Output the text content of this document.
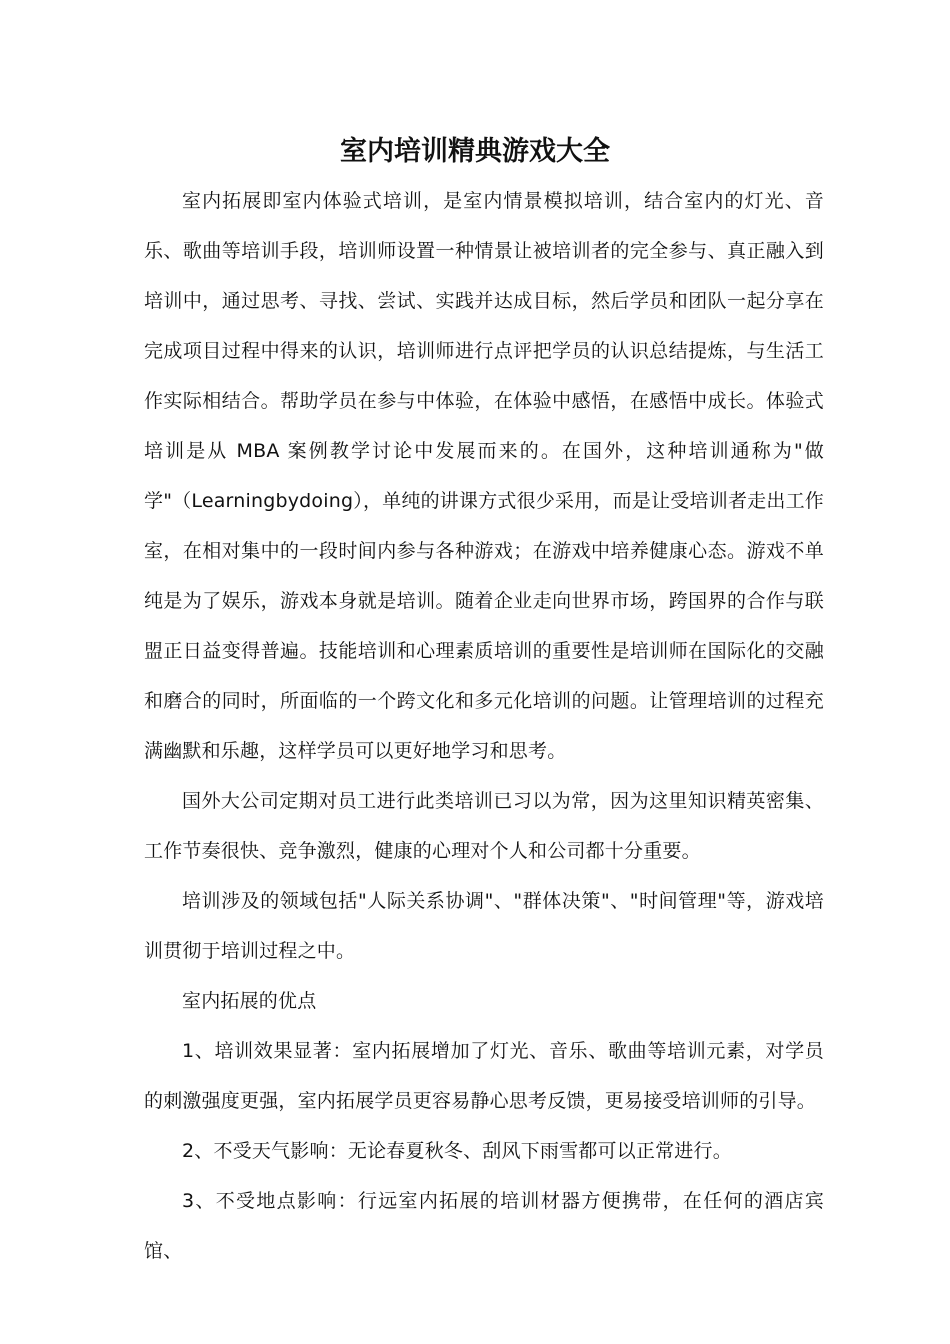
室内培训精典游戏大全

室内拓展即室内体验式培训，是室内情景模拟培训，结合室内的灯光、音乐、歌曲等培训手段，培训师设置一种情景让被培训者的完全参与、真正融入到培训中，通过思考、寻找、尝试、实践并达成目标，然后学员和团队一起分享在完成项目过程中得来的认识，培训师进行点评把学员的认识总结提炼，与生活工作实际相结合。帮助学员在参与中体验，在体验中感悟，在感悟中成长。体验式培训是从 MBA 案例教学讨论中发展而来的。在国外，这种培训通称为"做学"（Learningbydoing），单纯的讲课方式很少采用，而是让受培训者走出工作室，在相对集中的一段时间内参与各种游戏；在游戏中培养健康心态。游戏不单纯是为了娱乐，游戏本身就是培训。随着企业走向世界市场，跨国界的合作与联盟正日益变得普遍。技能培训和心理素质培训的重要性是培训师在国际化的交融和磨合的同时，所面临的一个跨文化和多元化培训的问题。让管理培训的过程充满幽默和乐趣，这样学员可以更好地学习和思考。

国外大公司定期对员工进行此类培训已习以为常，因为这里知识精英密集、工作节奏很快、竞争激烈，健康的心理对个人和公司都十分重要。

培训涉及的领域包括"人际关系协调"、"群体决策"、"时间管理"等，游戏培训贯彻于培训过程之中。

室内拓展的优点

1、培训效果显著：室内拓展增加了灯光、音乐、歌曲等培训元素，对学员的刺激强度更强，室内拓展学员更容易静心思考反馈，更易接受培训师的引导。

2、不受天气影响：无论春夏秋冬、刮风下雨雪都可以正常进行。

3、不受地点影响：行远室内拓展的培训材器方便携带，在任何的酒店宾馆、
